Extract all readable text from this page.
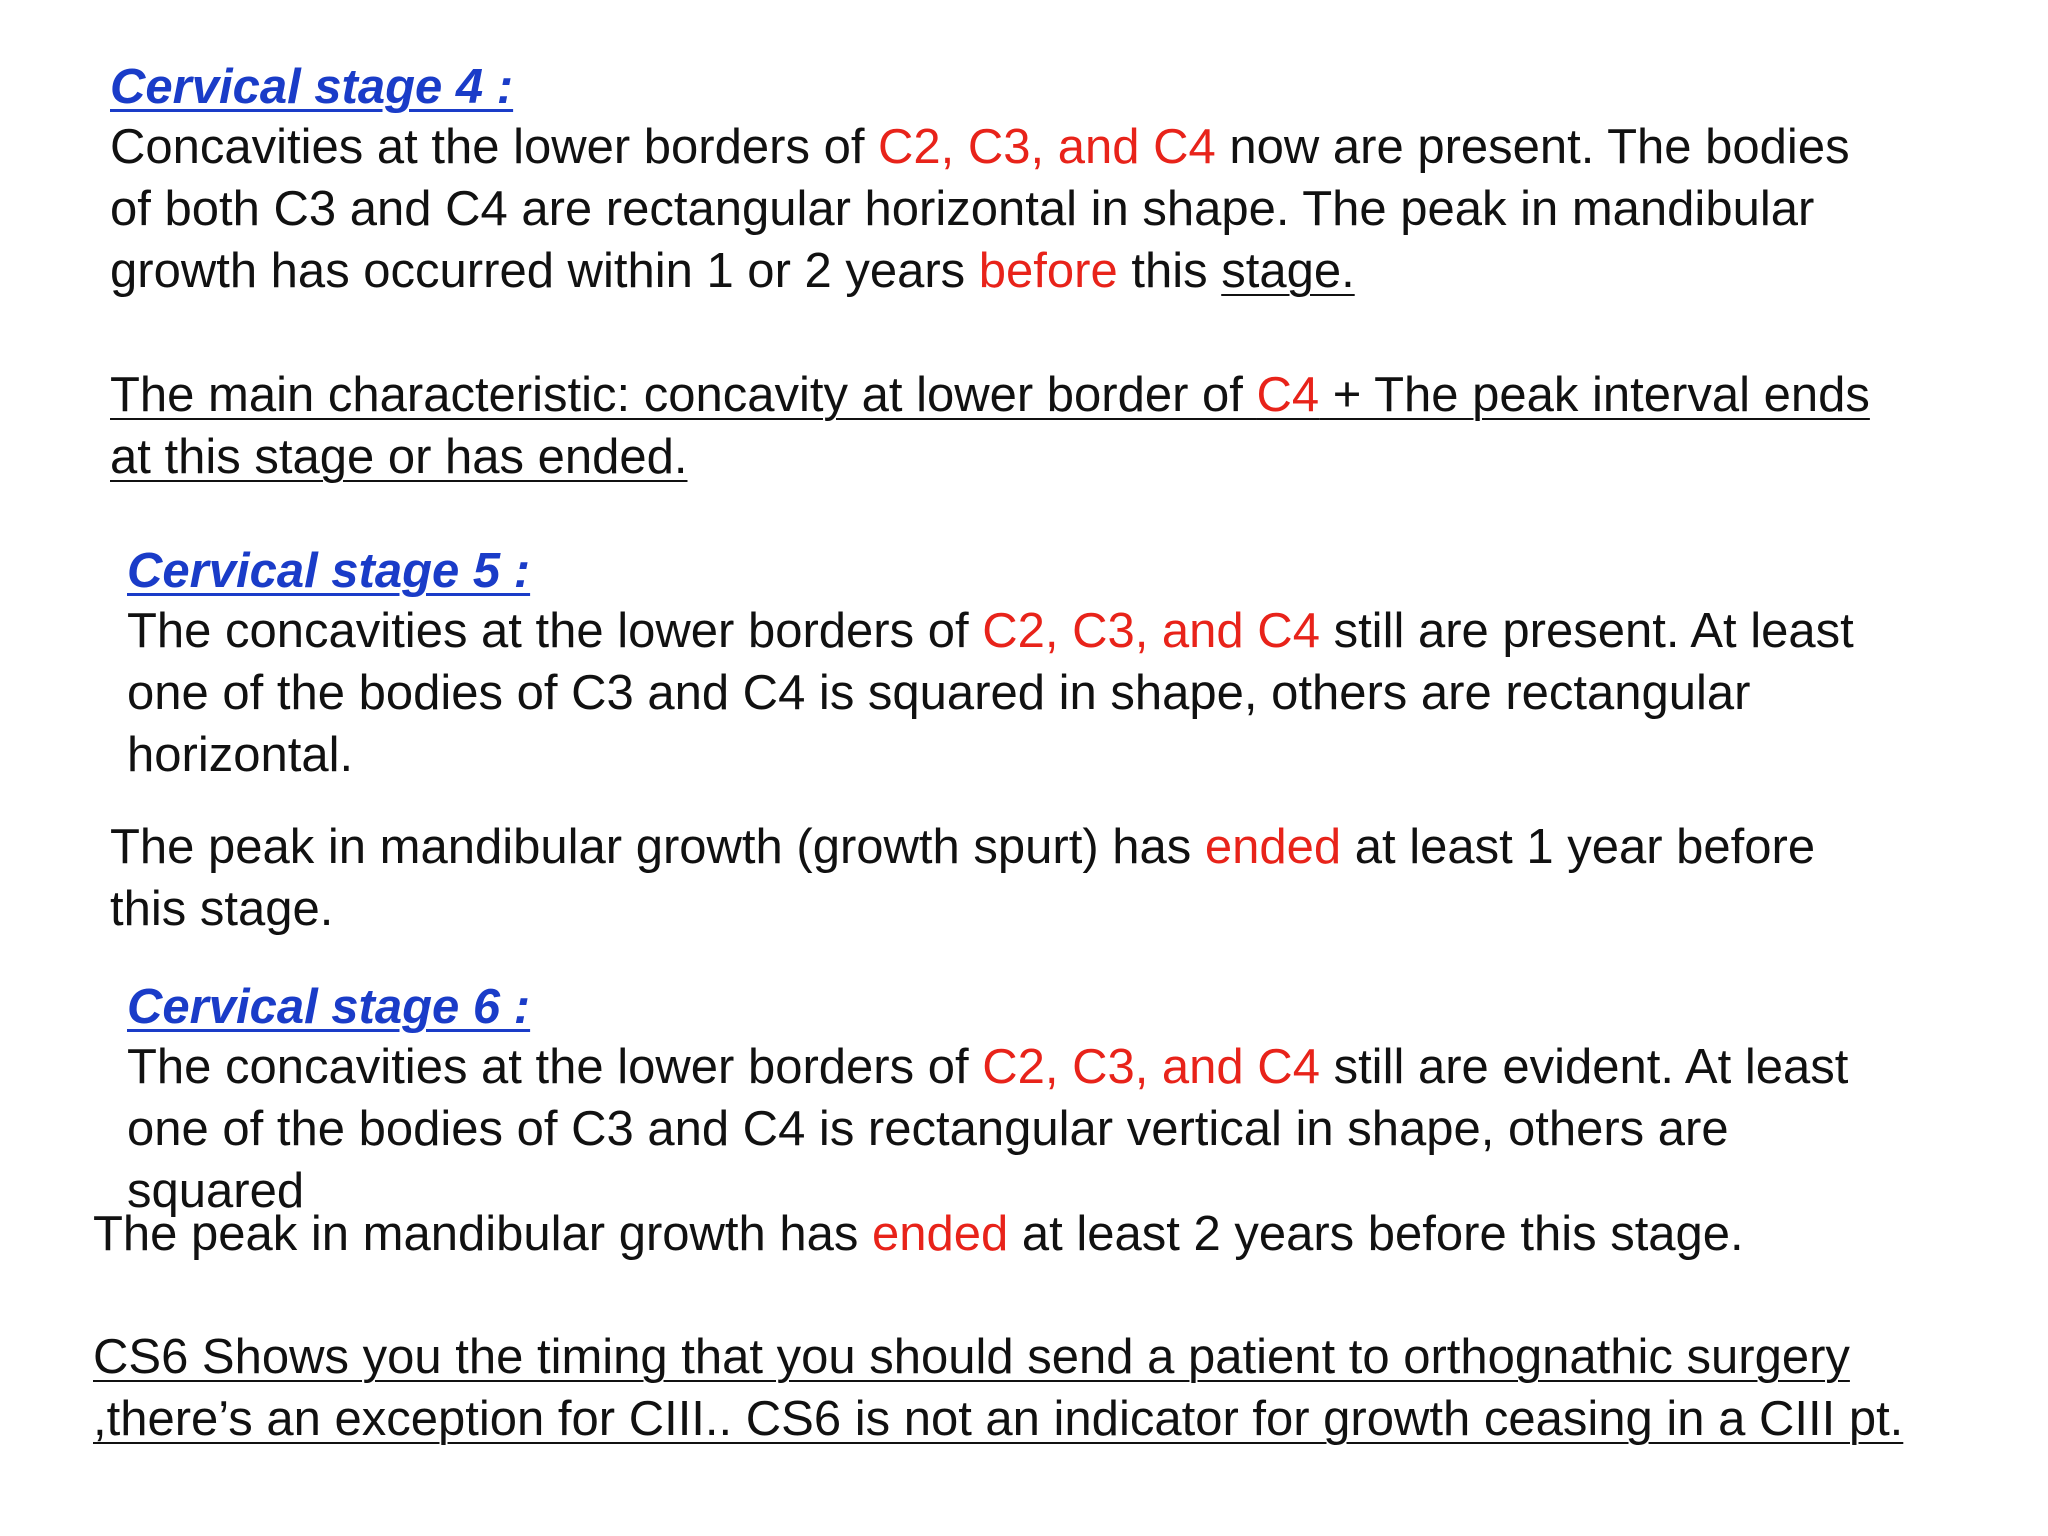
Cervical stage 4 :
Concavities at the lower borders of C2, C3, and C4 now are present. The bodies
of both C3 and C4 are rectangular horizontal in shape. The peak in mandibular
growth has occurred within 1 or 2 years before this stage.
The main characteristic: concavity at lower border of C4 + The peak interval ends
at this stage or has ended.
Cervical stage 5 :
The concavities at the lower borders of C2, C3, and C4 still are present. At least
one of the bodies of C3 and C4 is squared in shape, others are rectangular
horizontal.
The peak in mandibular growth (growth spurt) has ended at least 1 year before
this stage.
Cervical stage 6 :
The concavities at the lower borders of C2, C3, and C4 still are evident. At least
one of the bodies of C3 and C4 is rectangular vertical in shape, others are
squared
The peak in mandibular growth has ended at least 2 years before this stage.
CS6 Shows you the timing that you should send a patient to orthognathic surgery
,there’s an exception for CIII.. CS6 is not an indicator for growth ceasing in a CIII pt.
